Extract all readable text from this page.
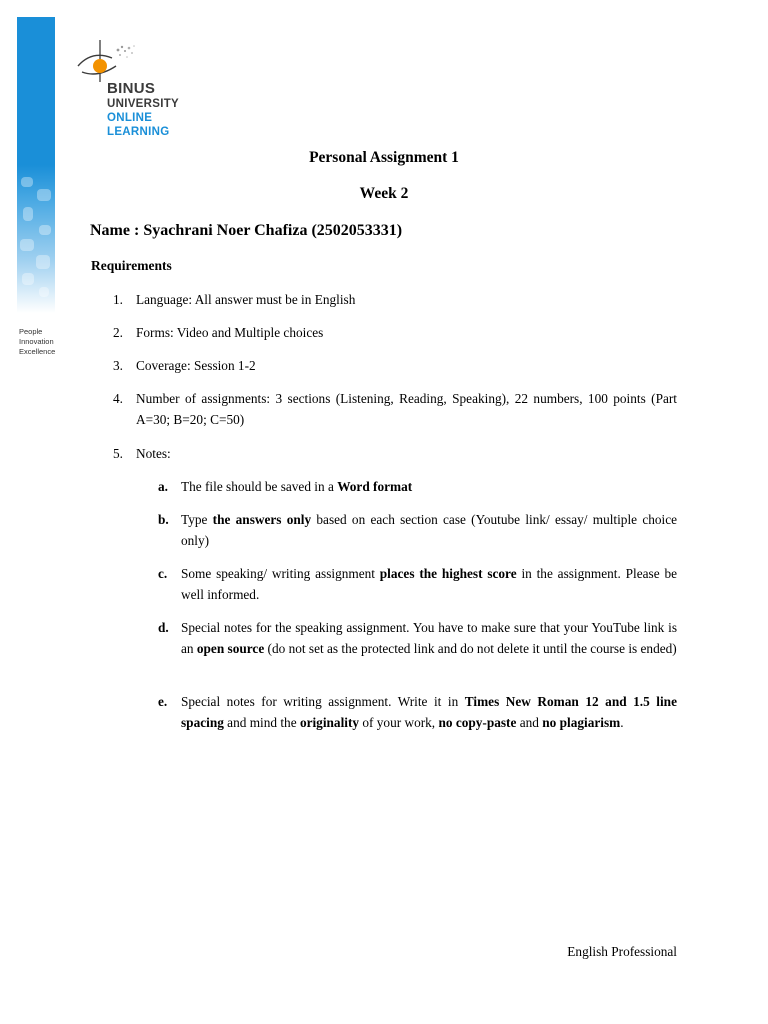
People
Innovation
Excellence
BINUS
UNIVERSITY
ONLINE
LEARNING
Personal Assignment 1
Week 2
Name : Syachrani Noer Chafiza (2502053331)
Requirements
1. Language: All answer must be in English
2. Forms: Video and Multiple choices
3. Coverage: Session 1-2
4. Number of assignments: 3 sections (Listening, Reading, Speaking), 22 numbers, 100 points (Part A=30; B=20; C=50)
5. Notes:
a. The file should be saved in a Word format
b. Type the answers only based on each section case (Youtube link/ essay/ multiple choice only)
c. Some speaking/ writing assignment places the highest score in the assignment. Please be well informed.
d. Special notes for the speaking assignment. You have to make sure that your YouTube link is an open source (do not set as the protected link and do not delete it until the course is ended)
e. Special notes for writing assignment. Write it in Times New Roman 12 and 1.5 line spacing and mind the originality of your work, no copy-paste and no plagiarism.
English Professional
